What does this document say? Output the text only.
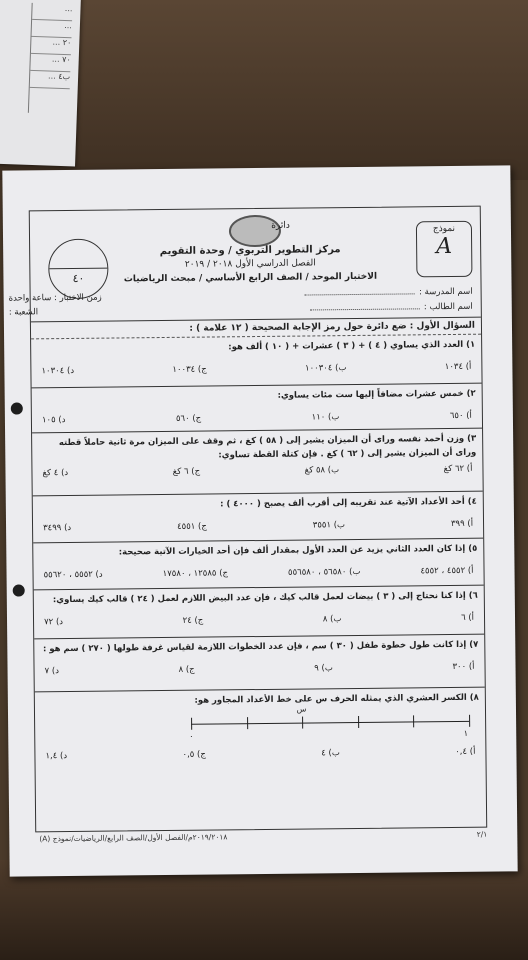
...
...
٢٠ ...
٧٠ ...
ب٤ ...
نموذج
A
دائرة
مركز التطوير التربوي / وحدة التقويم
الفصل الدراسي الأول ٢٠١٨ / ٢٠١٩
الاختبار الموحد / الصف الرابع الأساسي / مبحث الرياضيات
٤٠
اسم المدرسة :
اسم الطالب :
زمن الاختبار : ساعة واحدة
الشعبة :
السؤال الأول : ضع دائرة حول رمز الإجابة الصحيحة ( ١٢ علامة ) :
١) العدد الذي يساوي ( ٤ ) + ( ٣ ) عشرات + ( ١٠ ) ألف هو:
أ) ١٠٣٤
ب) ١٠٠٣٠٤
ج) ١٠٠٣٤
د) ١٠٣٠٤
٢) خمس عشرات مضافاً إليها ست مئات يساوي:
أ) ٦٥٠
ب) ١١٠
ج) ٥٦٠
د) ١٠٥
٣) وزن أحمد نفسه وراى أن الميزان يشير إلى ( ٥٨ ) كغ ، ثم وقف على الميزان مرة ثانية حاملاً قطته وراى أن الميزان يشير إلى ( ٦٢ ) كغ . فإن كتلة القطة تساوي:
أ) ٦٢ كغ
ب) ٥٨ كغ
ج) ٦ كغ
د) ٤ كغ
٤) أحد الأعداد الآتية عند تقريبه إلى أقرب ألف يصبح ( ٤٠٠٠ ) :
أ) ٣٩٩
ب) ٣٥٥١
ج) ٤٥٥١
د) ٣٤٩٩
٥) إذا كان العدد الثاني يزيد عن العدد الأول بمقدار ألف فإن أحد الخيارات الآتية صحيحة:
أ) ٤٥٥٢ ، ٤٥٥٢
ب) ٥٦٥٨٠ ، ٥٥٦٥٨٠
ج) ١٢٥٨٥ ، ١٧٥٨٠
د) ٥٥٥٢ ، ٥٥٦٢٠
٦) إذا كنا نحتاج إلى ( ٣ ) بيضات لعمل قالب كيك ، فإن عدد البيض اللازم لعمل ( ٢٤ ) قالب كيك يساوي:
أ) ٦
ب) ٨
ج) ٢٤
د) ٧٢
٧) إذا كانت طول خطوة طفل ( ٣٠ ) سم ، فإن عدد الخطوات اللازمة لقياس غرفة طولها ( ٢٧٠ ) سم هو :
أ) ٣٠٠
ب) ٩
ج) ٨
د) ٧
٨) الكسر العشري الذي يمثله الحرف س على خط الأعداد المجاور هو:
س
٠	١
أ) ٠,٤
ب) ٤
ج) ٠,٥
د) ١,٤
٢/١
٢٠١٩/٢٠١٨م/الفصل الأول/الصف الرابع/الرياضيات/نموذج (A)
